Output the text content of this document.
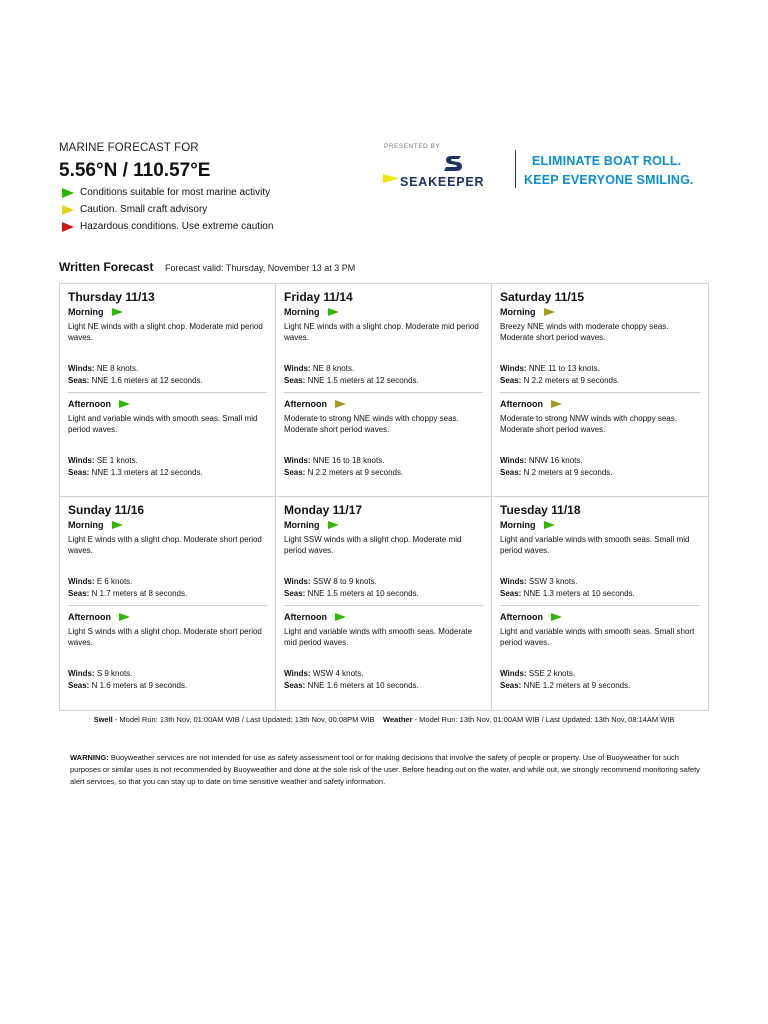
MARINE FORECAST FOR
5.56°N / 110.57°E
Conditions suitable for most marine activity
Caution. Small craft advisory
Hazardous conditions. Use extreme caution
PRESENTED BY
SEAKEEPER
ELIMINATE BOAT ROLL.
KEEP EVERYONE SMILING.
Written Forecast Forecast valid: Thursday, November 13 at 3 PM
Thursday 11/13
Morning
Light NE winds with a slight chop. Moderate mid period waves.
Winds: NE 8 knots.
Seas: NNE 1.6 meters at 12 seconds.
Afternoon
Light and variable winds with smooth seas. Small mid period waves.
Winds: SE 1 knots.
Seas: NNE 1.3 meters at 12 seconds.
Friday 11/14
Morning
Light NE winds with a slight chop. Moderate mid period waves.
Winds: NE 8 knots.
Seas: NNE 1.5 meters at 12 seconds.
Afternoon
Moderate to strong NNE winds with choppy seas. Moderate short period waves.
Winds: NNE 16 to 18 knots.
Seas: N 2.2 meters at 9 seconds.
Saturday 11/15
Morning
Breezy NNE winds with moderate choppy seas. Moderate short period waves.
Winds: NNE 11 to 13 knots.
Seas: N 2.2 meters at 9 seconds.
Afternoon
Moderate to strong NNW winds with choppy seas. Moderate short period waves.
Winds: NNW 16 knots.
Seas: N 2 meters at 9 seconds.
Sunday 11/16
Morning
Light E winds with a slight chop. Moderate short period waves.
Winds: E 6 knots.
Seas: N 1.7 meters at 8 seconds.
Afternoon
Light S winds with a slight chop. Moderate short period waves.
Winds: S 9 knots.
Seas: N 1.6 meters at 9 seconds.
Monday 11/17
Morning
Light SSW winds with a slight chop. Moderate mid period waves.
Winds: SSW 8 to 9 knots.
Seas: NNE 1.5 meters at 10 seconds.
Afternoon
Light and variable winds with smooth seas. Moderate mid period waves.
Winds: WSW 4 knots.
Seas: NNE 1.6 meters at 10 seconds.
Tuesday 11/18
Morning
Light and variable winds with smooth seas. Small mid period waves.
Winds: SSW 3 knots.
Seas: NNE 1.3 meters at 10 seconds.
Afternoon
Light and variable winds with smooth seas. Small short period waves.
Winds: SSE 2 knots.
Seas: NNE 1.2 meters at 9 seconds.
Swell - Model Run: 13th Nov, 01:00AM WIB / Last Updated: 13th Nov, 00:08PM WIB Weather - Model Run: 13th Nov, 01:00AM WIB / Last Updated: 13th Nov, 08:14AM WIB
WARNING: Buoyweather services are not intended for use as safety assessment tool or for making decisions that involve the safety of people or property. Use of Buoyweather for such purposes or similar uses is not recommended by Buoyweather and done at the sole risk of the user. Before heading out on the water, and while out, we strongly recommend monitoring safety alert services, so that you can stay up to date on time sensitive weather and safety information.
